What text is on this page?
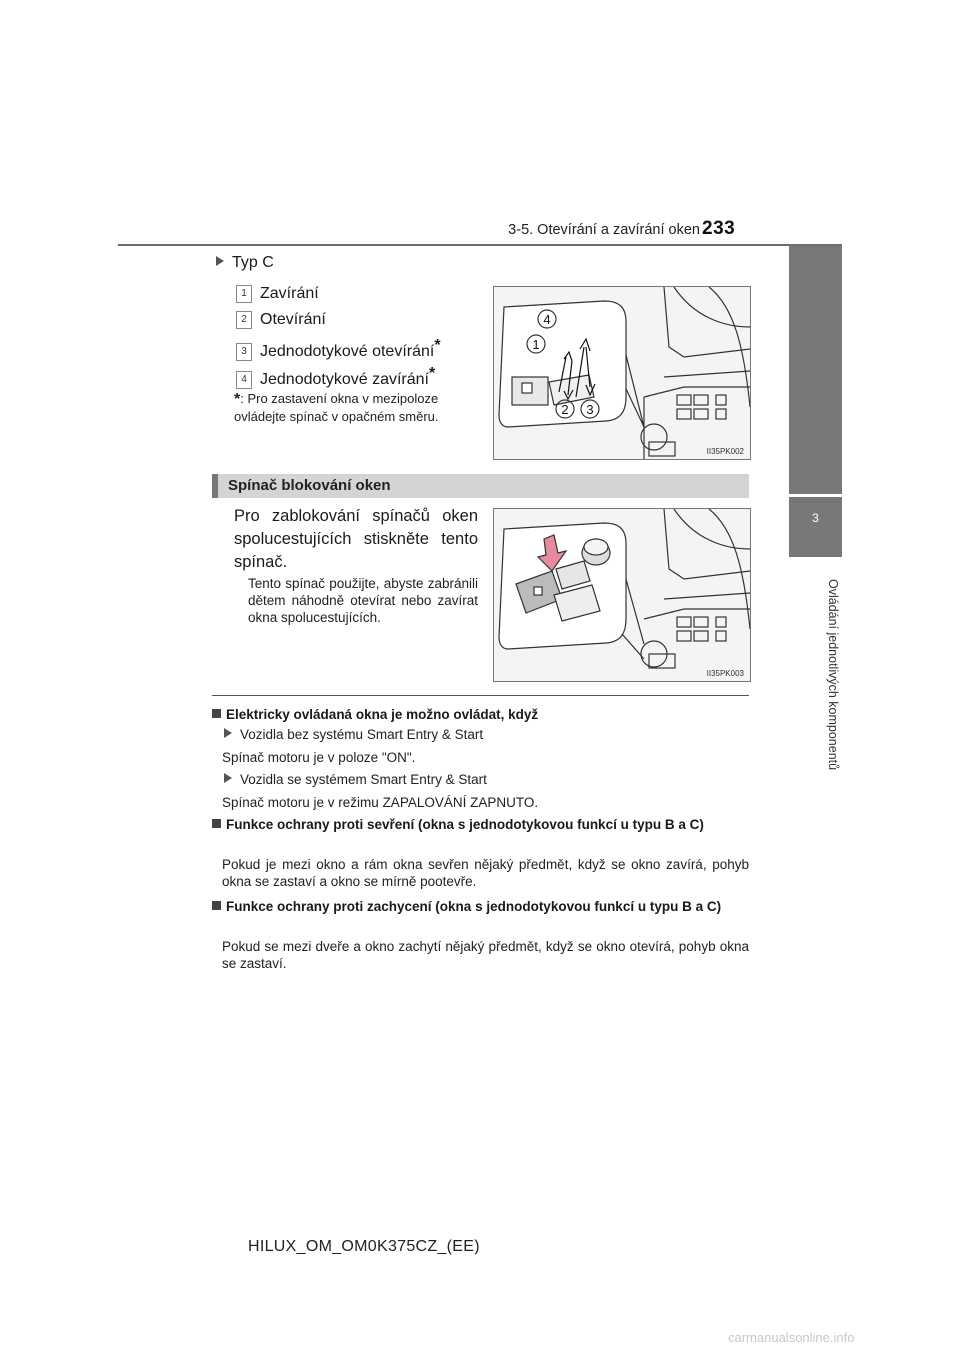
3-5. Otevírání a zavírání oken 233
3
Ovládání jednotlivých komponentů
Typ C
1 Zavírání
2 Otevírání
3 Jednodotykové otevírání*
4 Jednodotykové zavírání*
*: Pro zastavení okna v mezipoloze ovládejte spínač v opačném směru.
4
1
2 3
II35PK002
Spínač blokování oken
Pro zablokování spínačů oken spolucestujících stiskněte tento spínač.
Tento spínač použijte, abyste zabránili dětem náhodně otevírat nebo zavírat okna spolucestujících.
II35PK003
Elektricky ovládaná okna je možno ovládat, když
Vozidla bez systému Smart Entry & Start
Spínač motoru je v poloze "ON".
Vozidla se systémem Smart Entry & Start
Spínač motoru je v režimu ZAPALOVÁNÍ ZAPNUTO.
Funkce ochrany proti sevření (okna s jednodotykovou funkcí u typu B a C)
Pokud je mezi okno a rám okna sevřen nějaký předmět, když se okno zavírá, pohyb okna se zastaví a okno se mírně pootevře.
Funkce ochrany proti zachycení (okna s jednodotykovou funkcí u typu B a C)
Pokud se mezi dveře a okno zachytí nějaký předmět, když se okno otevírá, pohyb okna se zastaví.
HILUX_OM_OM0K375CZ_(EE)
carmanualsonline.info
